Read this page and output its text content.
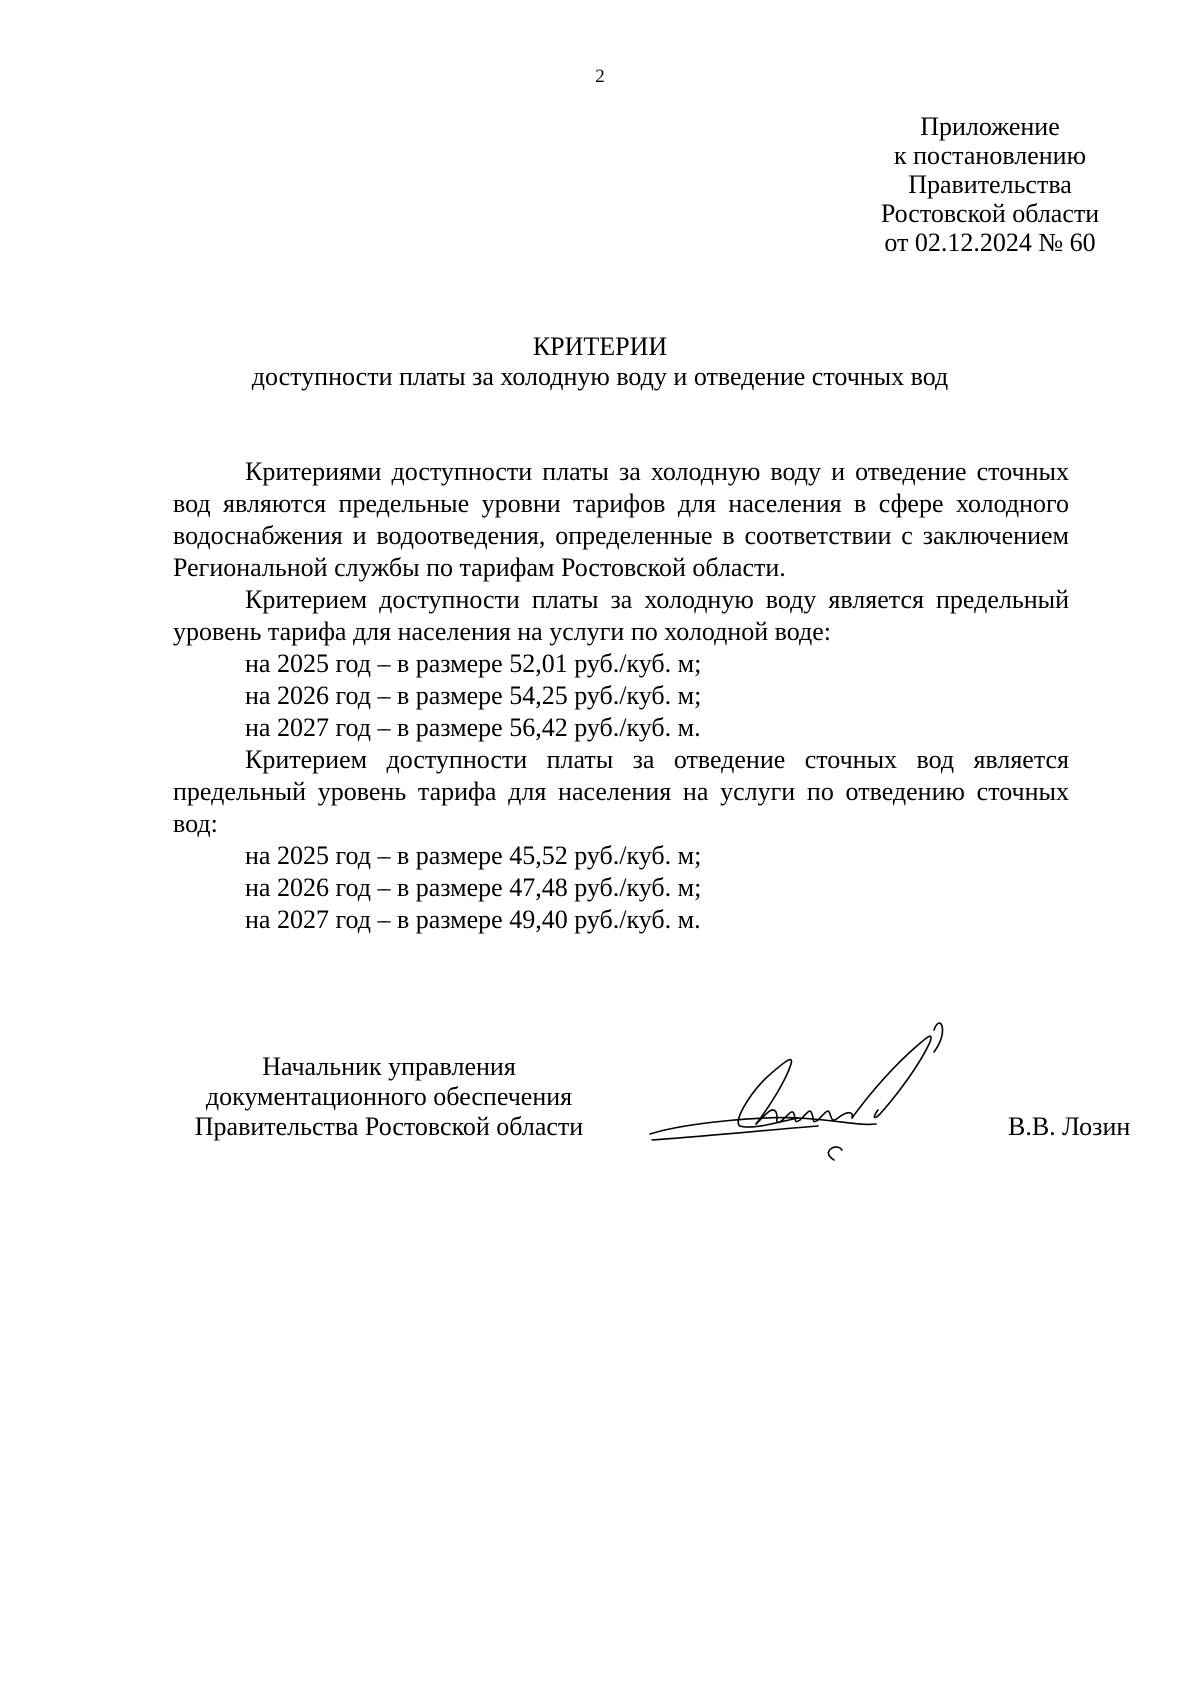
2
Приложение
к постановлению
Правительства
Ростовской области
от 02.12.2024 № 60
КРИТЕРИИ
доступности платы за холодную воду и отведение сточных вод

Критериями доступности платы за холодную воду и отведение сточных вод являются предельные уровни тарифов для населения в сфере холодного водоснабжения и водоотведения, определенные в соответствии с заключением Региональной службы по тарифам Ростовской области.

Критерием доступности платы за холодную воду является предельный уровень тарифа для населения на услуги по холодной воде:

на 2025 год – в размере 52,01 руб./куб. м;
на 2026 год – в размере 54,25 руб./куб. м;
на 2027 год – в размере 56,42 руб./куб. м.

Критерием доступности платы за отведение сточных вод является предельный уровень тарифа для населения на услуги по отведению сточных вод:

на 2025 год – в размере 45,52 руб./куб. м;
на 2026 год – в размере 47,48 руб./куб. м;
на 2027 год – в размере 49,40 руб./куб. м.
Начальник управления
документационного обеспечения
Правительства Ростовской области	В.В. Лозин
